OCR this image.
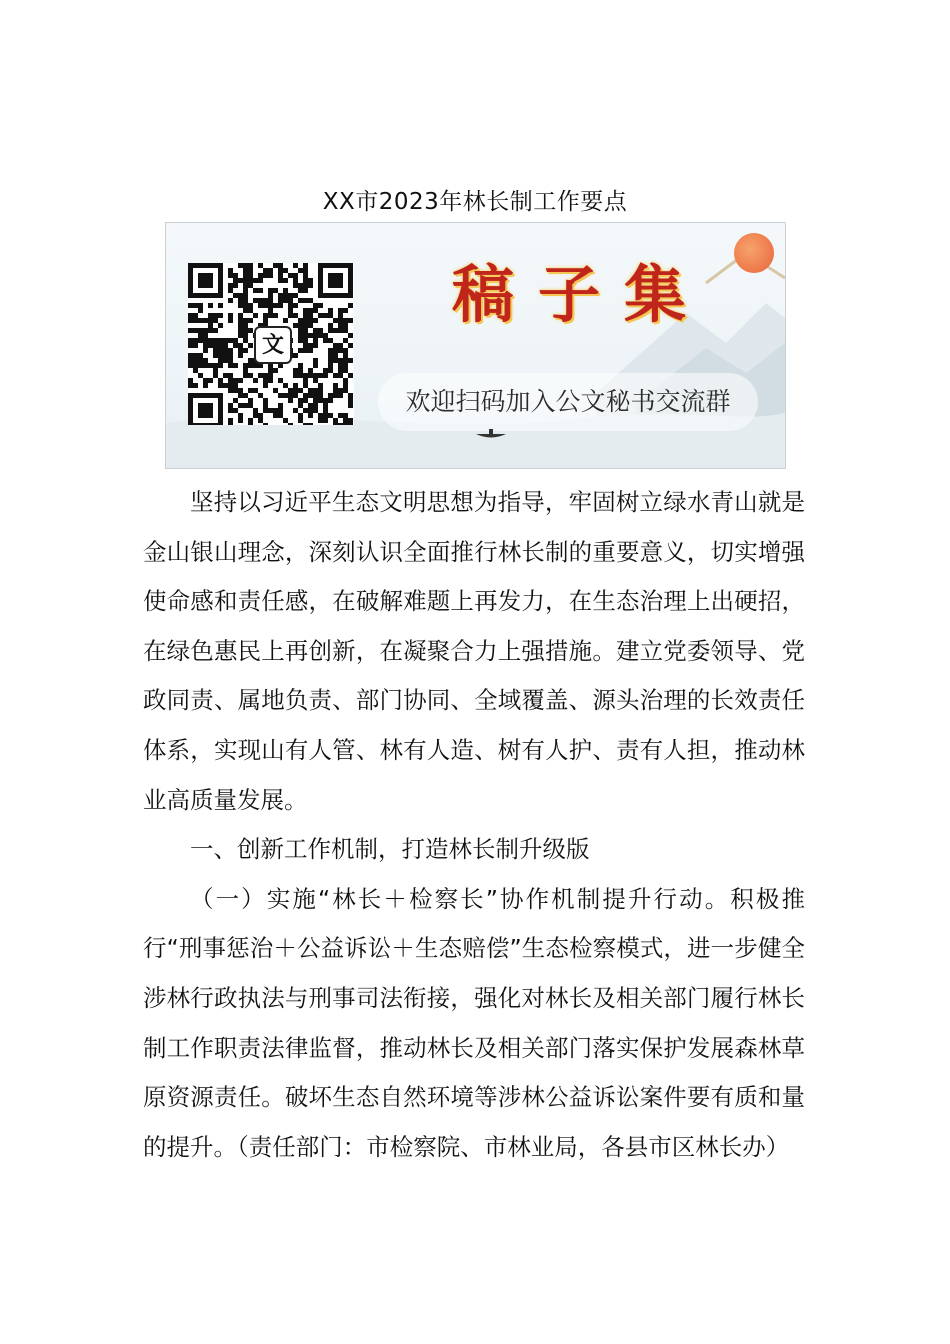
XX市2023年林长制工作要点
文
稿子集
欢迎扫码加入公文秘书交流群

坚持以习近平生态文明思想为指导，牢固树立绿水青山就是金山银山理念，深刻认识全面推行林长制的重要意义，切实增强使命感和责任感，在破解难题上再发力，在生态治理上出硬招，在绿色惠民上再创新，在凝聚合力上强措施。建立党委领导、党政同责、属地负责、部门协同、全域覆盖、源头治理的长效责任体系，实现山有人管、林有人造、树有人护、责有人担，推动林业高质量发展。

一、创新工作机制，打造林长制升级版

（一）实施“林长＋检察长”协作机制提升行动。积极推行“刑事惩治＋公益诉讼＋生态赔偿”生态检察模式，进一步健全涉林行政执法与刑事司法衔接，强化对林长及相关部门履行林长制工作职责法律监督，推动林长及相关部门落实保护发展森林草原资源责任。破坏生态自然环境等涉林公益诉讼案件要有质和量的提升。（责任部门：市检察院、市林业局，各县市区林长办）
